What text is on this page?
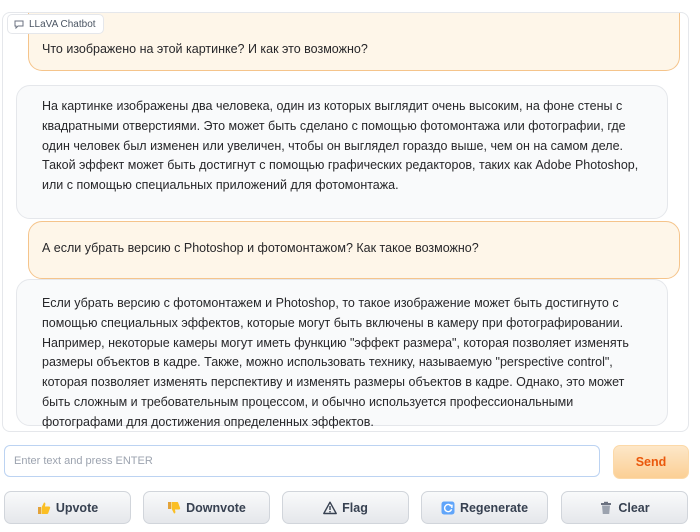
LLaVA Chatbot
Что изображено на этой картинке? И как это возможно?
На картинке изображены два человека, один из которых выглядит очень высоким, на фоне стены с квадратными отверстиями. Это может быть сделано с помощью фотомонтажа или фотографии, где один человек был изменен или увеличен, чтобы он выглядел гораздо выше, чем он на самом деле. Такой эффект может быть достигнут с помощью графических редакторов, таких как Adobe Photoshop, или с помощью специальных приложений для фотомонтажа.
А если убрать версию с Photoshop и фотомонтажом? Как такое возможно?
Если убрать версию с фотомонтажем и Photoshop, то такое изображение может быть достигнуто с помощью специальных эффектов, которые могут быть включены в камеру при фотографировании. Например, некоторые камеры могут иметь функцию "эффект размера", которая позволяет изменять размеры объектов в кадре. Также, можно использовать технику, называемую "perspective control", которая позволяет изменять перспективу и изменять размеры объектов в кадре. Однако, это может быть сложным и требовательным процессом, и обычно используется профессиональными фотографами для достижения определенных эффектов.
Enter text and press ENTER
Send
Upvote	Downvote	Flag	Regenerate	Clear
